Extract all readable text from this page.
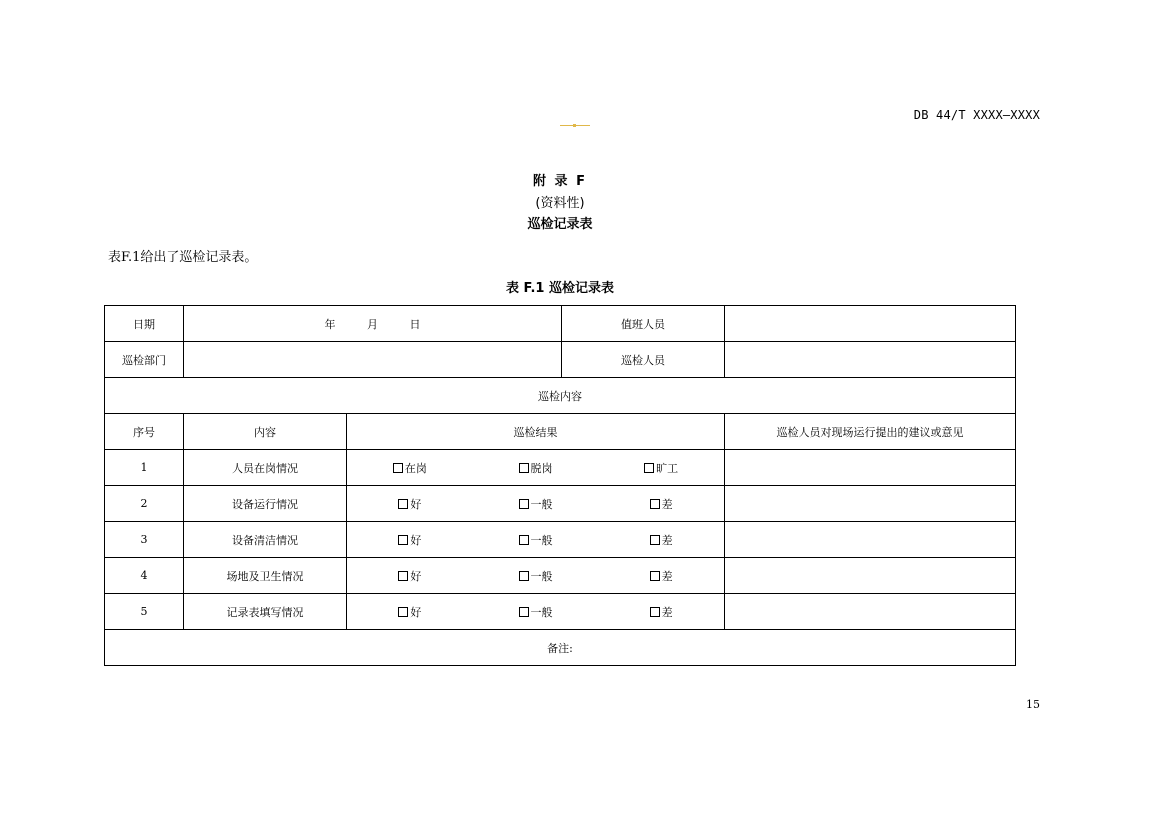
DB 44/T XXXX—XXXX
附 录 F
(资料性)
巡检记录表
表F.1给出了巡检记录表。
表 F.1 巡检记录表
日期	年 月 日		值班人员	
巡检部门			巡检人员	
巡检内容				
序号	内容	巡检结果		巡检人员对现场运行提出的建议或意见
1	人员在岗情况	在岗 脱岗 旷工		

2	设备运行情况	好 一般 差		

3	设备清洁情况	好 一般 差		

4	场地及卫生情况	好 一般 差		

5	记录表填写情况	好 一般 差		

备注:				
15
